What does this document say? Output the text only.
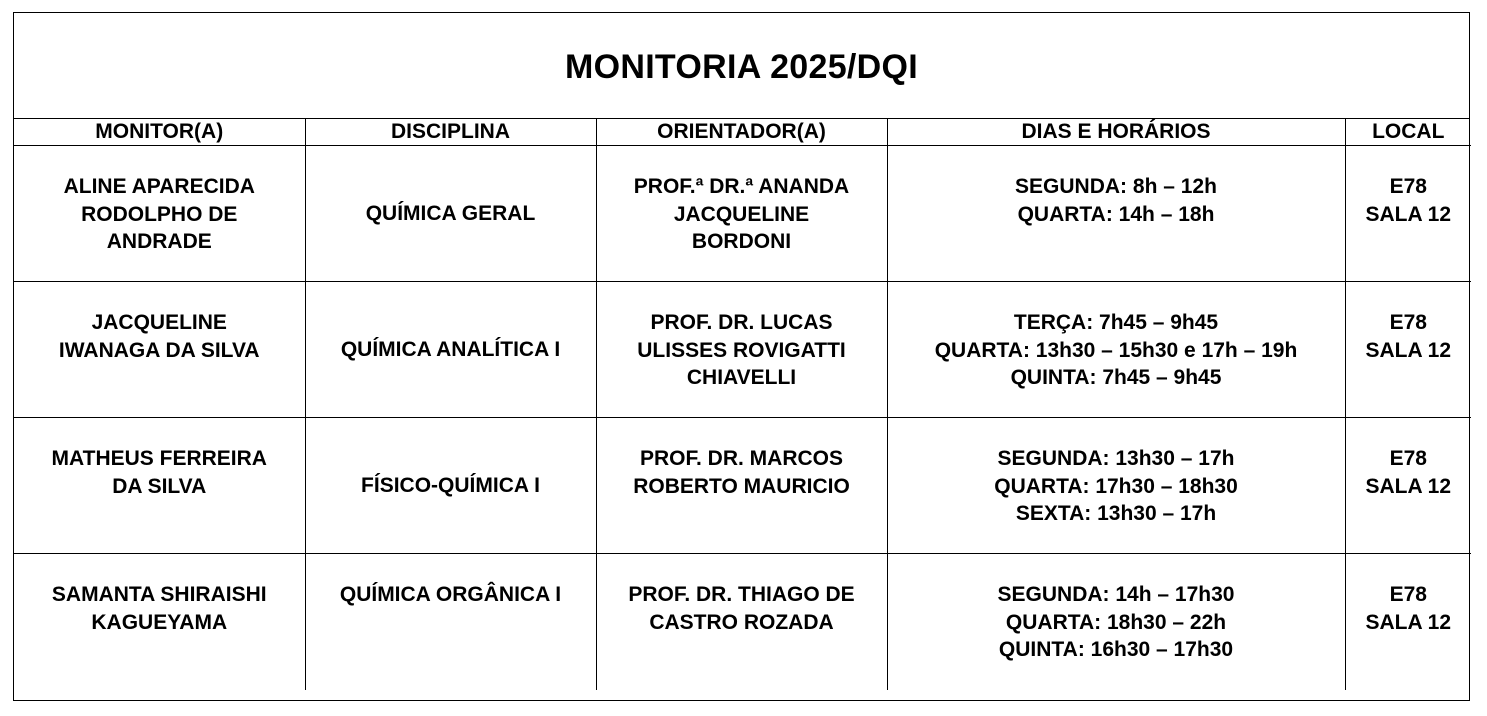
MONITORIA 2025/DQI
MONITOR(A)	DISCIPLINA	ORIENTADOR(A)	DIAS E HORÁRIOS	LOCAL

ALINE APARECIDA
RODOLPHO DE
ANDRADE	QUÍMICA GERAL	PROF.ª DR.ª ANANDA
JACQUELINE
BORDONI	SEGUNDA: 8h – 12h
QUARTA: 14h – 18h	E78
SALA 12

JACQUELINE
IWANAGA DA SILVA	QUÍMICA ANALÍTICA I	PROF. DR. LUCAS
ULISSES ROVIGATTI
CHIAVELLI	TERÇA: 7h45 – 9h45
QUARTA: 13h30 – 15h30 e 17h – 19h
QUINTA: 7h45 – 9h45	E78
SALA 12

MATHEUS FERREIRA
DA SILVA	FÍSICO-QUÍMICA I	PROF. DR. MARCOS
ROBERTO MAURICIO	SEGUNDA: 13h30 – 17h
QUARTA: 17h30 – 18h30
SEXTA: 13h30 – 17h	E78
SALA 12

SAMANTA SHIRAISHI
KAGUEYAMA	QUÍMICA ORGÂNICA I	PROF. DR. THIAGO DE
CASTRO ROZADA	SEGUNDA: 14h – 17h30
QUARTA: 18h30 – 22h
QUINTA: 16h30 – 17h30	E78
SALA 12
